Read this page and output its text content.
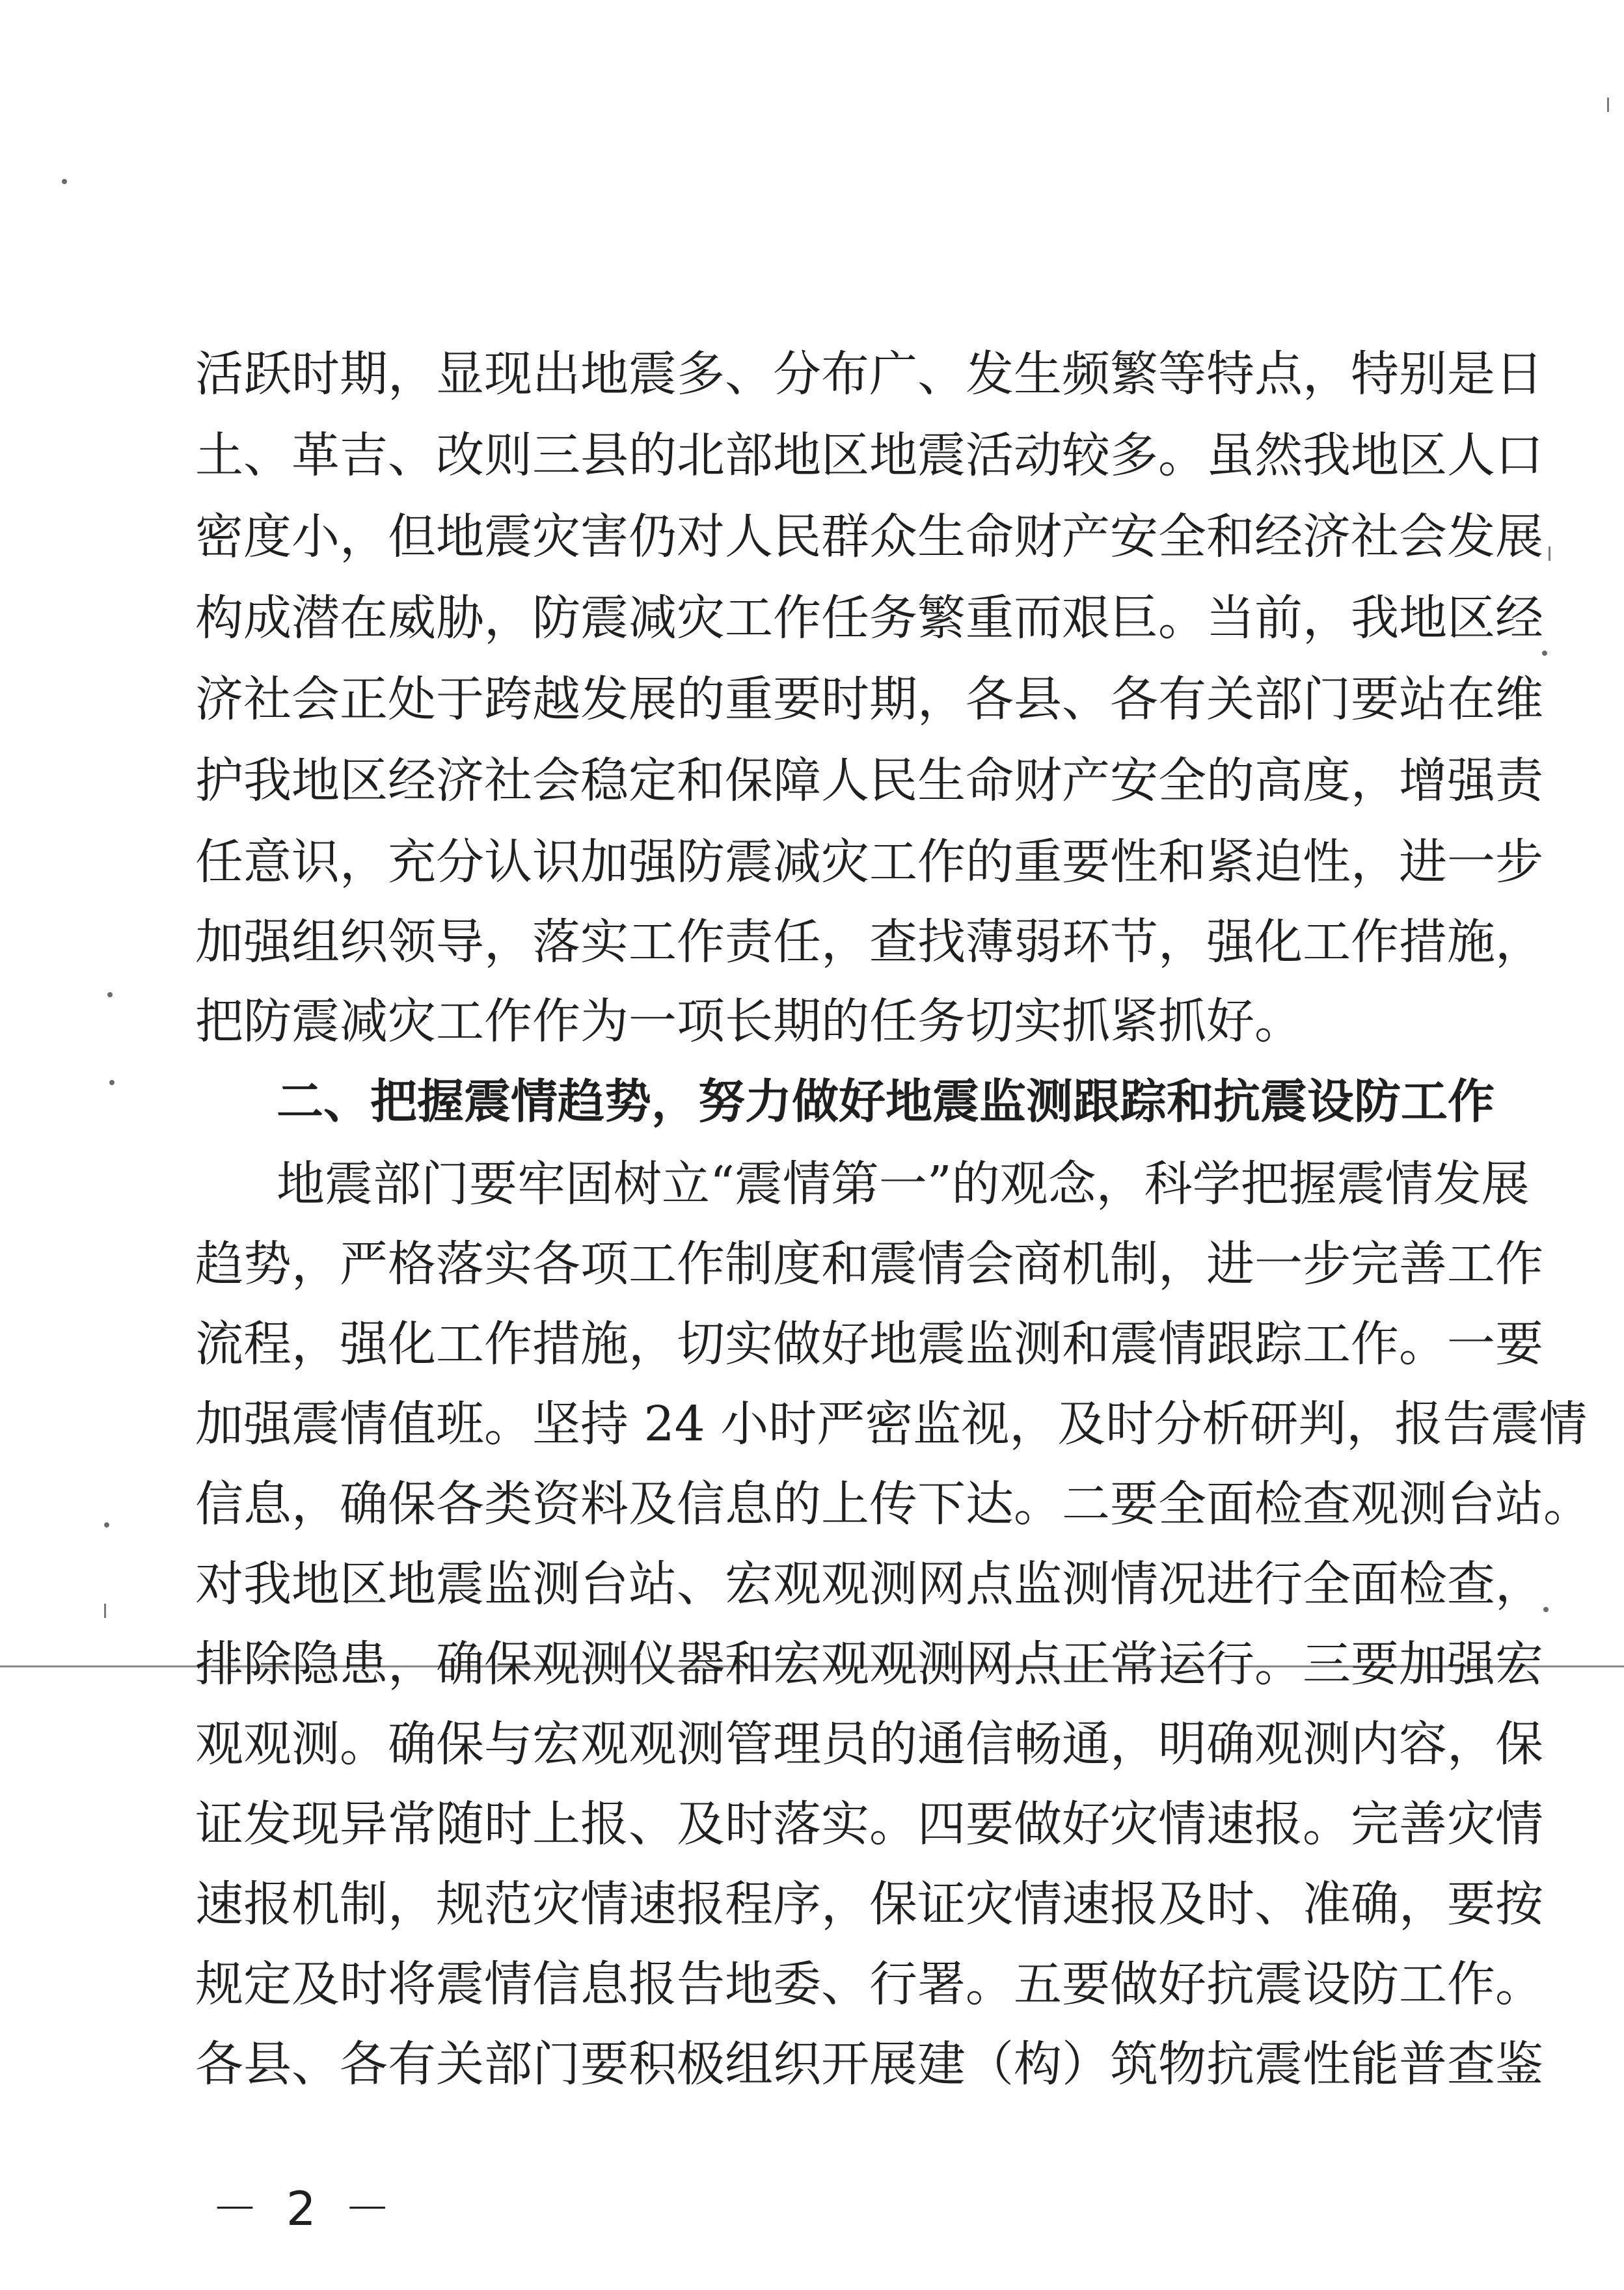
活跃时期，显现出地震多、分布广、发生频繁等特点，特别是日
土、革吉、改则三县的北部地区地震活动较多。虽然我地区人口
密度小，但地震灾害仍对人民群众生命财产安全和经济社会发展
构成潜在威胁，防震减灾工作任务繁重而艰巨。当前，我地区经
济社会正处于跨越发展的重要时期，各县、各有关部门要站在维
护我地区经济社会稳定和保障人民生命财产安全的高度，增强责
任意识，充分认识加强防震减灾工作的重要性和紧迫性，进一步
加强组织领导，落实工作责任，查找薄弱环节，强化工作措施，
把防震减灾工作作为一项长期的任务切实抓紧抓好。
二、把握震情趋势，努力做好地震监测跟踪和抗震设防工作
地震部门要牢固树立“震情第一”的观念，科学把握震情发展
趋势，严格落实各项工作制度和震情会商机制，进一步完善工作
流程，强化工作措施，切实做好地震监测和震情跟踪工作。一要
加强震情值班。坚持 24 小时严密监视，及时分析研判，报告震情
信息，确保各类资料及信息的上传下达。二要全面检查观测台站。
对我地区地震监测台站、宏观观测网点监测情况进行全面检查，
排除隐患，确保观测仪器和宏观观测网点正常运行。三要加强宏
观观测。确保与宏观观测管理员的通信畅通，明确观测内容，保
证发现异常随时上报、及时落实。四要做好灾情速报。完善灾情
速报机制，规范灾情速报程序，保证灾情速报及时、准确，要按
规定及时将震情信息报告地委、行署。五要做好抗震设防工作。
各县、各有关部门要积极组织开展建（构）筑物抗震性能普查鉴
－ 2 －
